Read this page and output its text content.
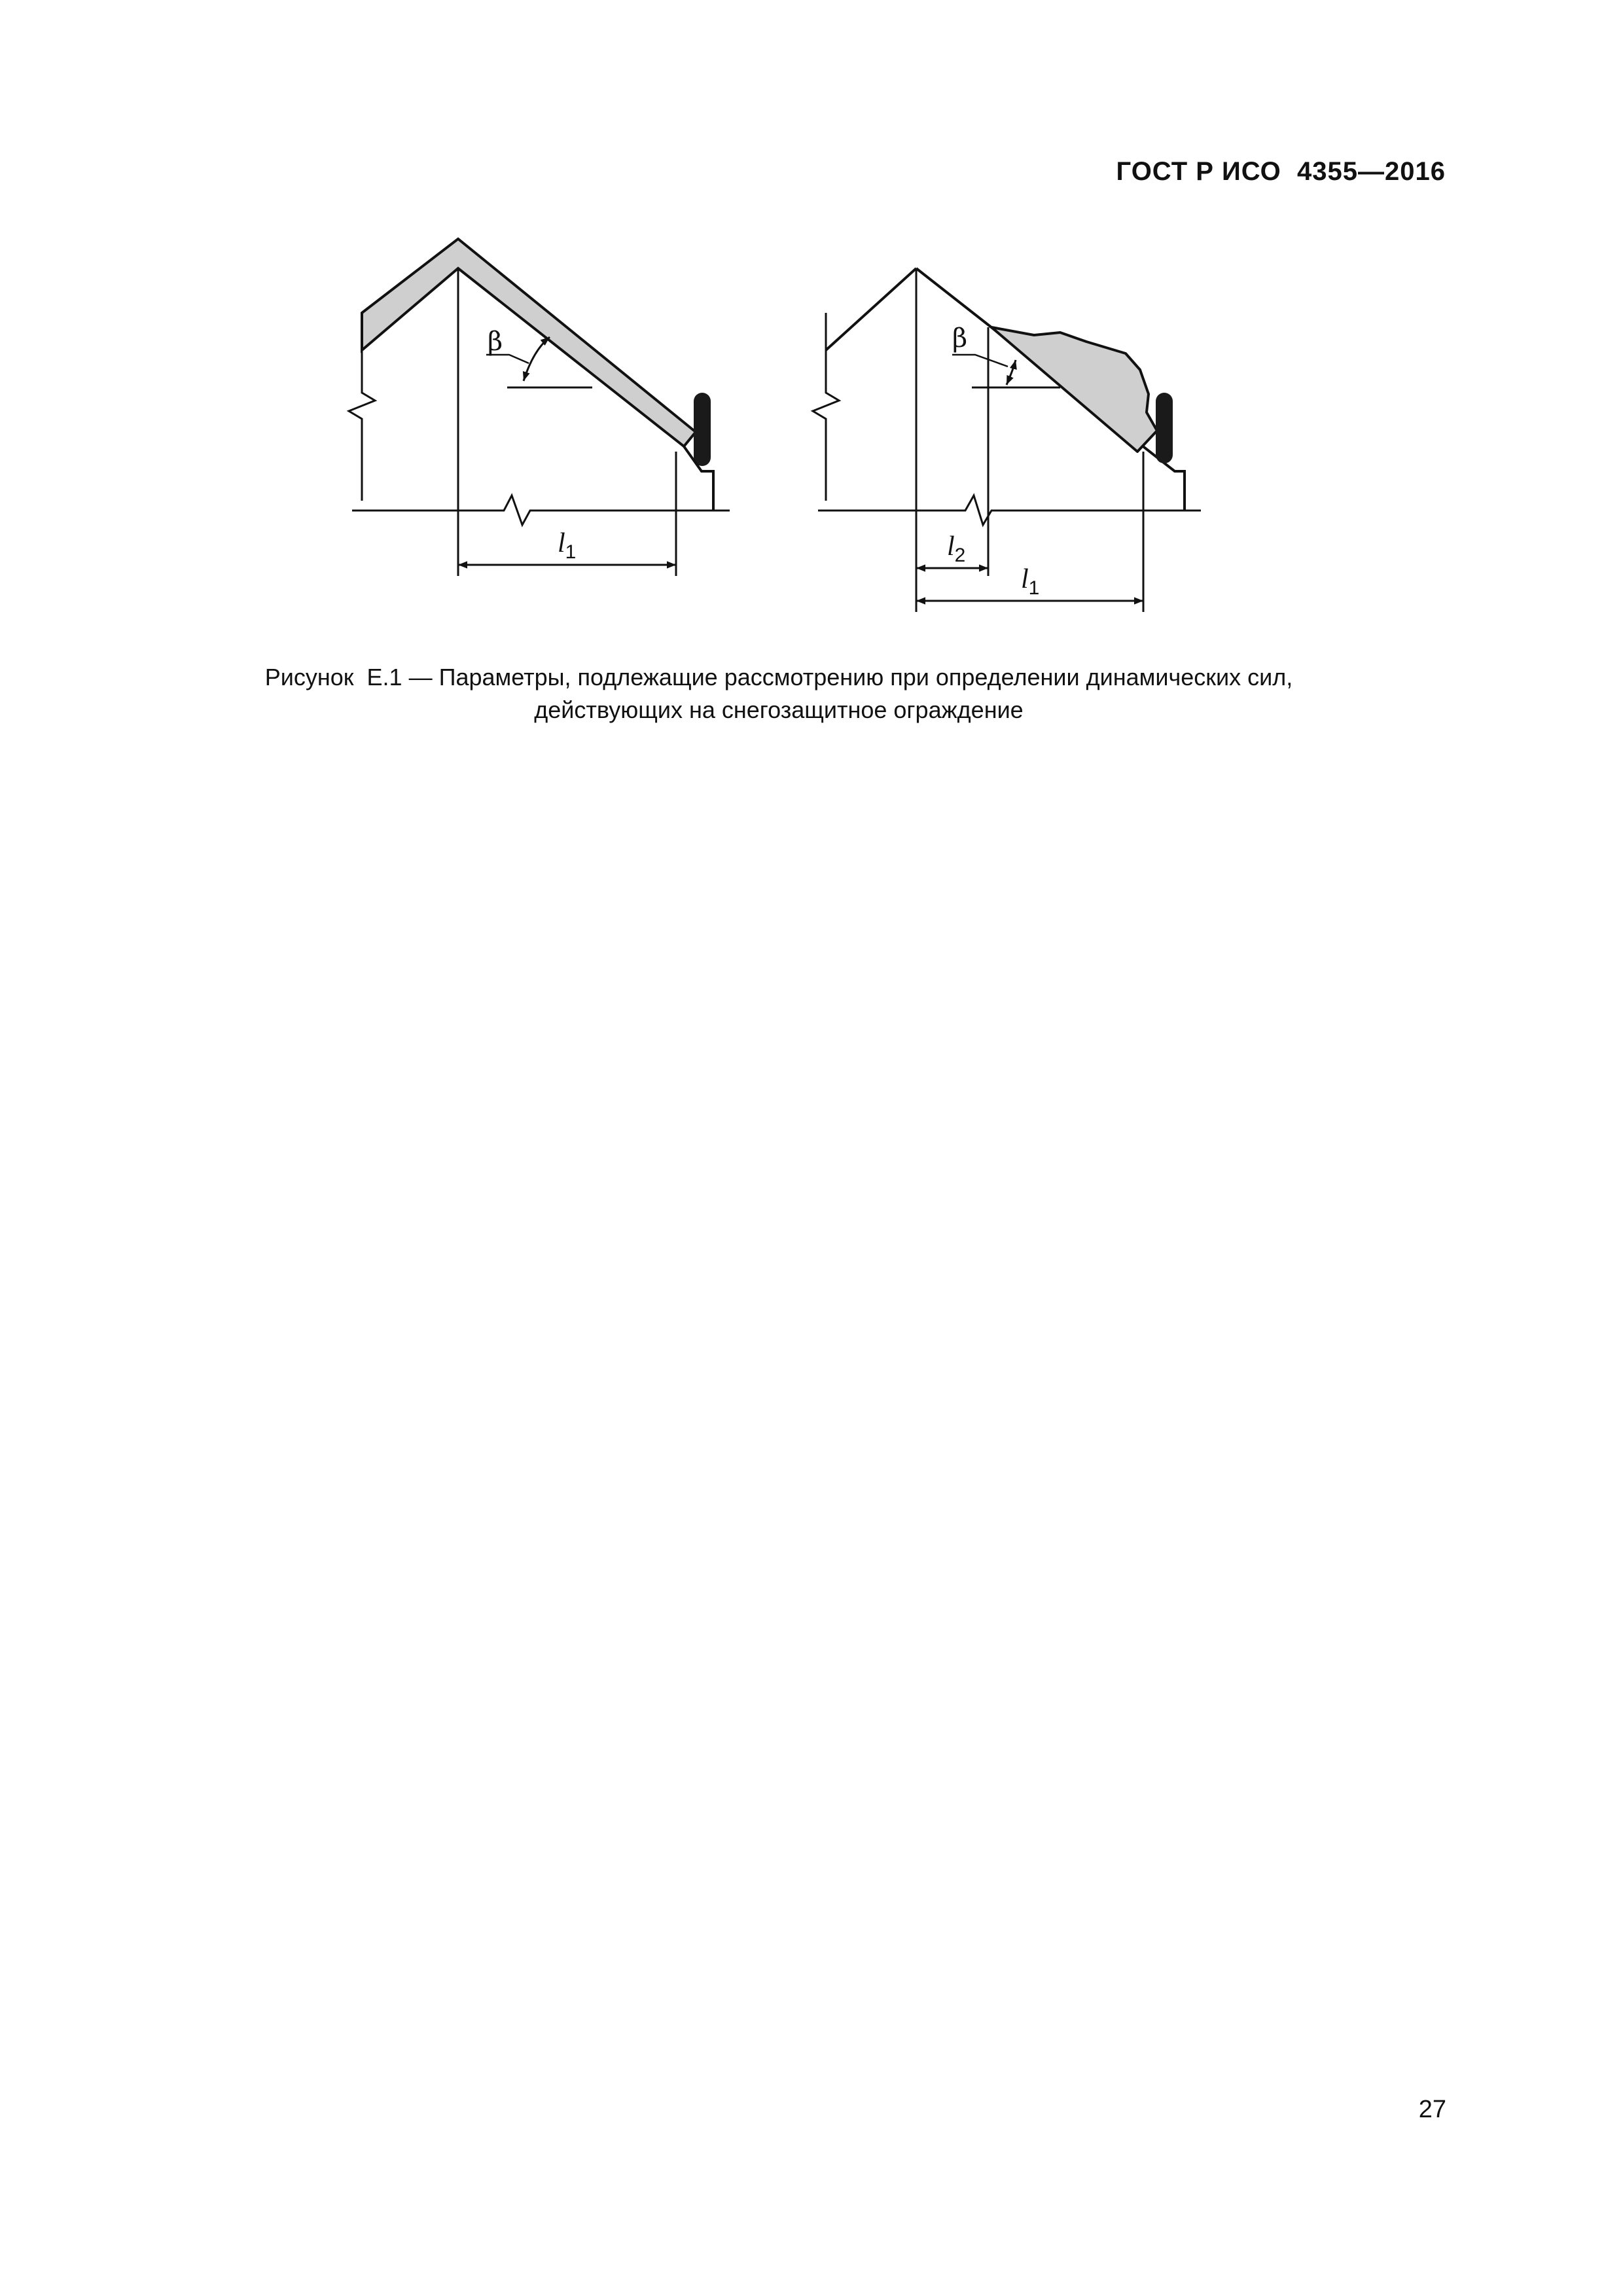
ГОСТ Р ИСО  4355—2016
β
$l_1$
β
$l_2$
$l_1$
Рисунок  Е.1 — Параметры, подлежащие рассмотрению при определении динамических сил,
действующих на снегозащитное ограждение
27
